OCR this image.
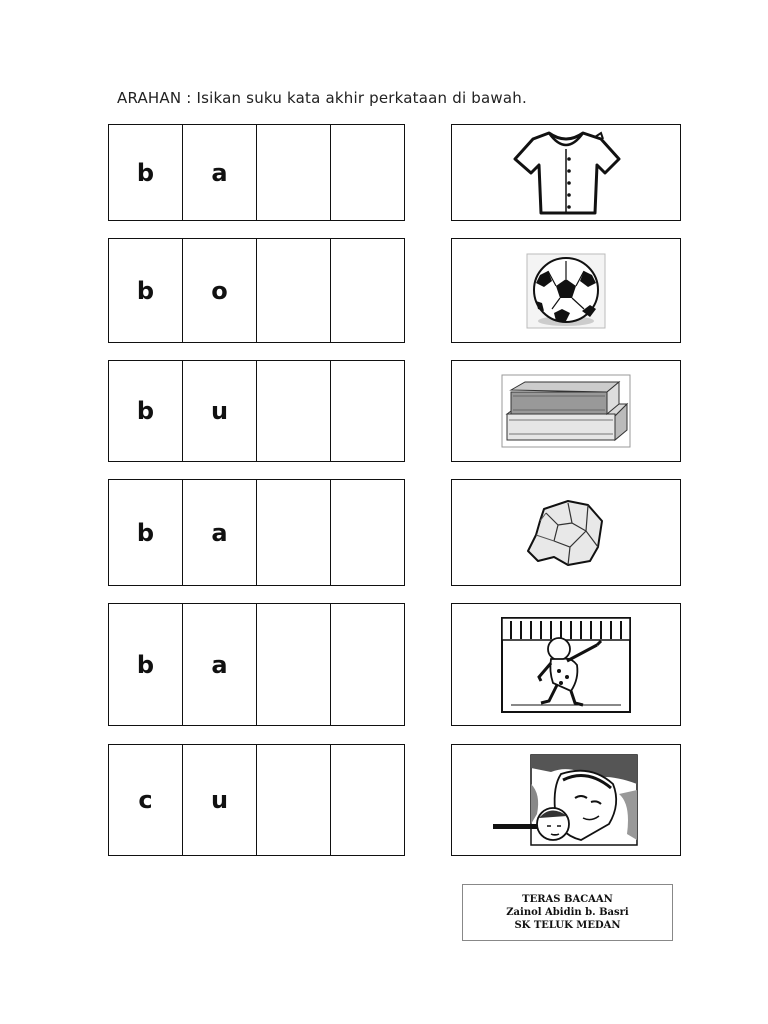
ARAHAN : Isikan suku kata akhir perkataan di bawah.
b	a
b	o
b	u
b	a
b	a
c	u
TERAS BACAAN
Zainol Abidin b. Basri
SK TELUK MEDAN
